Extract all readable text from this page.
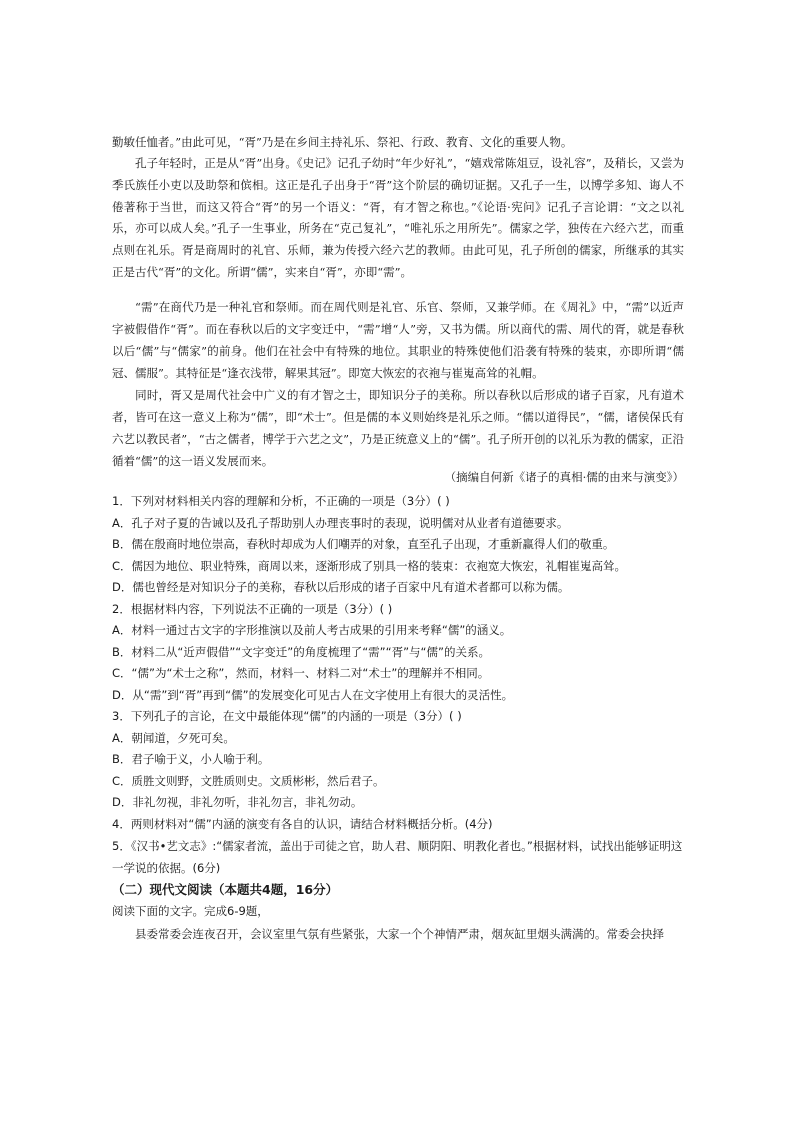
勤敏任恤者。”由此可见，“胥”乃是在乡间主持礼乐、祭祀、行政、教育、文化的重要人物。
孔子年轻时，正是从“胥”出身。《史记》记孔子幼时“年少好礼”，“嬉戏常陈俎豆，设礼容”，及稍长，又尝为季氏族任小吏以及助祭和傧相。这正是孔子出身于“胥”这个阶层的确切证据。又孔子一生，以博学多知、诲人不倦著称于当世，而这又符合“胥”的另一个语义：“胥，有才智之称也。”《论语·宪问》记孔子言论谓：“文之以礼乐，亦可以成人矣。”孔子一生事业，所务在“克己复礼”，“唯礼乐之用所先”。儒家之学，独传在六经六艺，而重点则在礼乐。胥是商周时的礼官、乐师，兼为传授六经六艺的教师。由此可见，孔子所创的儒家，所继承的其实正是古代“胥”的文化。所谓“儒”，实来自“胥”，亦即“需”。
“需”在商代乃是一种礼官和祭师。而在周代则是礼官、乐官、祭师，又兼学师。在《周礼》中，“需”以近声字被假借作“胥”。而在春秋以后的文字变迁中，“需”增“人”旁，又书为儒。所以商代的需、周代的胥，就是春秋以后“儒”与“儒家”的前身。他们在社会中有特殊的地位。其职业的特殊使他们沿袭有特殊的装束，亦即所谓“儒冠、儒服”。其特征是“逢衣浅带，解果其冠”。即宽大恢宏的衣袍与崔嵬高耸的礼帽。
同时，胥又是周代社会中广义的有才智之士，即知识分子的美称。所以春秋以后形成的诸子百家，凡有道术者，皆可在这一意义上称为“儒”，即“术士”。但是儒的本义则始终是礼乐之师。“儒以道得民”，“儒，诸侯保氏有六艺以教民者”，“古之儒者，博学于六艺之文”，乃是正统意义上的“儒”。孔子所开创的以礼乐为教的儒家，正沿循着“儒”的这一语义发展而来。
（摘编自何新《诸子的真相·儒的由来与演变》）
1．下列对材料相关内容的理解和分析，不正确的一项是（3分）( )
A．孔子对子夏的告诫以及孔子帮助别人办理丧事时的表现，说明儒对从业者有道德要求。
B．儒在殷商时地位崇高，春秋时却成为人们嘲弄的对象，直至孔子出现，才重新赢得人们的敬重。
C．儒因为地位、职业特殊，商周以来，逐渐形成了别具一格的装束：衣袍宽大恢宏，礼帽崔嵬高耸。
D．儒也曾经是对知识分子的美称，春秋以后形成的诸子百家中凡有道术者都可以称为儒。
2．根据材料内容，下列说法不正确的一项是（3分）( )
A．材料一通过古文字的字形推演以及前人考古成果的引用来考释“儒”的涵义。
B．材料二从“近声假借”“文字变迁”的角度梳理了“需”“胥”与“儒”的关系。
C．“儒”为“术士之称”，然而，材料一、材料二对“术士”的理解并不相同。
D．从“需”到“胥”再到“儒”的发展变化可见古人在文字使用上有很大的灵活性。
3．下列孔子的言论，在文中最能体现“儒”的内涵的一项是（3分）( )
A．朝闻道，夕死可矣。
B．君子喻于义，小人喻于利。
C．质胜文则野，文胜质则史。文质彬彬，然后君子。
D．非礼勿视，非礼勿听，非礼勿言，非礼勿动。
4．两则材料对“儒”内涵的演变有各自的认识，请结合材料概括分析。(4分)
5．《汉书•艺文志》:“儒家者流，盖出于司徒之官，助人君、顺阴阳、明教化者也。”根据材料，试找出能够证明这一学说的依据。(6分)
（二）现代文阅读（本题共4题，16分）
阅读下面的文字。完成6-9题，
县委常委会连夜召开，会议室里气氛有些紧张，大家一个个神情严肃，烟灰缸里烟头满满的。常委会抉择
